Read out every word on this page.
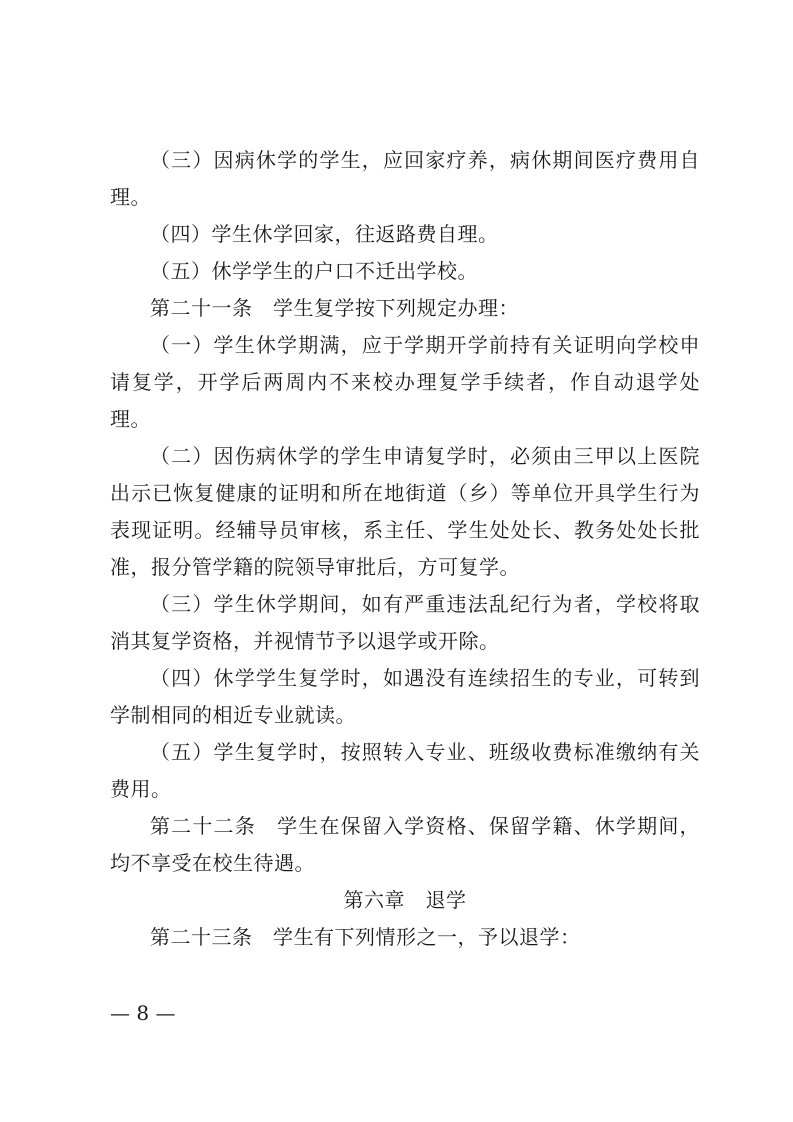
（三）因病休学的学生，应回家疗养，病休期间医疗费用自理。

（四）学生休学回家，往返路费自理。

（五）休学学生的户口不迁出学校。

第二十一条　学生复学按下列规定办理：

（一）学生休学期满，应于学期开学前持有关证明向学校申请复学，开学后两周内不来校办理复学手续者，作自动退学处理。

（二）因伤病休学的学生申请复学时，必须由三甲以上医院出示已恢复健康的证明和所在地街道（乡）等单位开具学生行为表现证明。经辅导员审核，系主任、学生处处长、教务处处长批准，报分管学籍的院领导审批后，方可复学。

（三）学生休学期间，如有严重违法乱纪行为者，学校将取消其复学资格，并视情节予以退学或开除。

（四）休学学生复学时，如遇没有连续招生的专业，可转到学制相同的相近专业就读。

（五）学生复学时，按照转入专业、班级收费标准缴纳有关费用。

第二十二条　学生在保留入学资格、保留学籍、休学期间，均不享受在校生待遇。

第六章　退学

第二十三条　学生有下列情形之一，予以退学：

— 8 —
